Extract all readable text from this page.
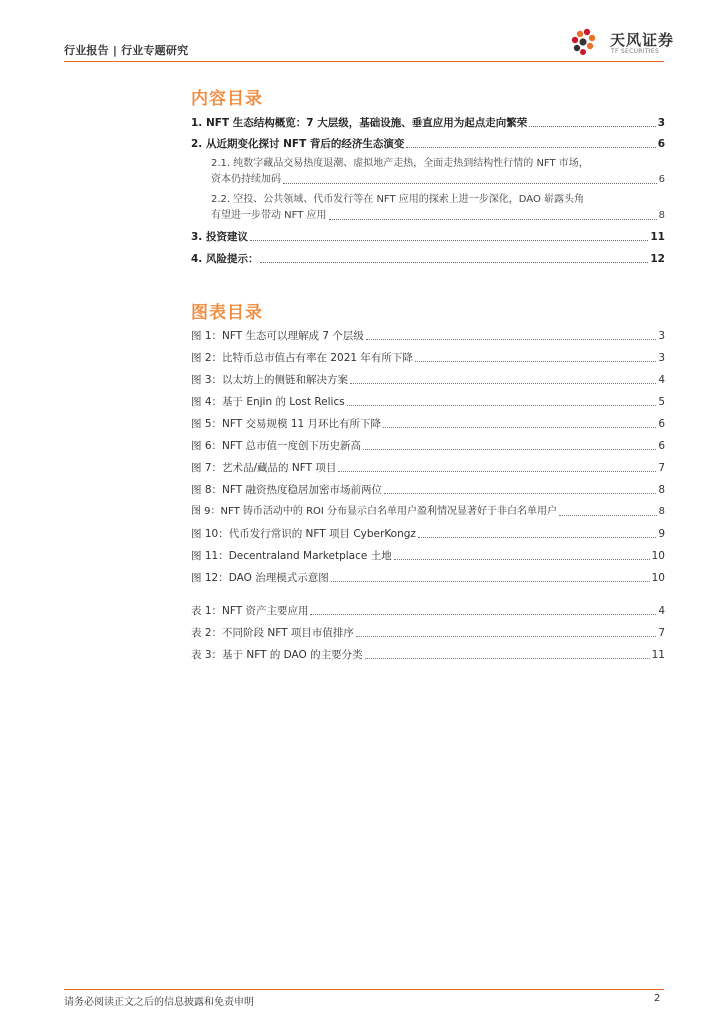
行业报告 | 行业专题研究
天风证券
TF SECURITIES
内容目录
1. NFT 生态结构概览：7 大层级，基础设施、垂直应用为起点走向繁荣	3
2. 从近期变化探讨 NFT 背后的经济生态演变	6
2.1. 纯数字藏品交易热度退潮、虚拟地产走热，全面走热到结构性行情的 NFT 市场，
资本仍持续加码	6
2.2. 空投、公共领域、代币发行等在 NFT 应用的探索上进一步深化，DAO 崭露头角
有望进一步带动 NFT 应用	8
3. 投资建议	11
4. 风险提示：	12
图表目录
图 1：NFT 生态可以理解成 7 个层级	3
图 2：比特币总市值占有率在 2021 年有所下降	3
图 3：以太坊上的侧链和解决方案	4
图 4：基于 Enjin 的 Lost Relics	5
图 5：NFT 交易规模 11 月环比有所下降	6
图 6：NFT 总市值一度创下历史新高	6
图 7：艺术品/藏品的 NFT 项目	7
图 8：NFT 融资热度稳居加密市场前两位	8
图 9：NFT 铸币活动中的 ROI 分布显示白名单用户盈利情况显著好于非白名单用户	8
图 10：代币发行常识的 NFT 项目 CyberKongz	9
图 11：Decentraland Marketplace 土地	10
图 12：DAO 治理模式示意图	10
表 1：NFT 资产主要应用	4
表 2：不同阶段 NFT 项目市值排序	7
表 3：基于 NFT 的 DAO 的主要分类	11
请务必阅读正文之后的信息披露和免责申明	2
